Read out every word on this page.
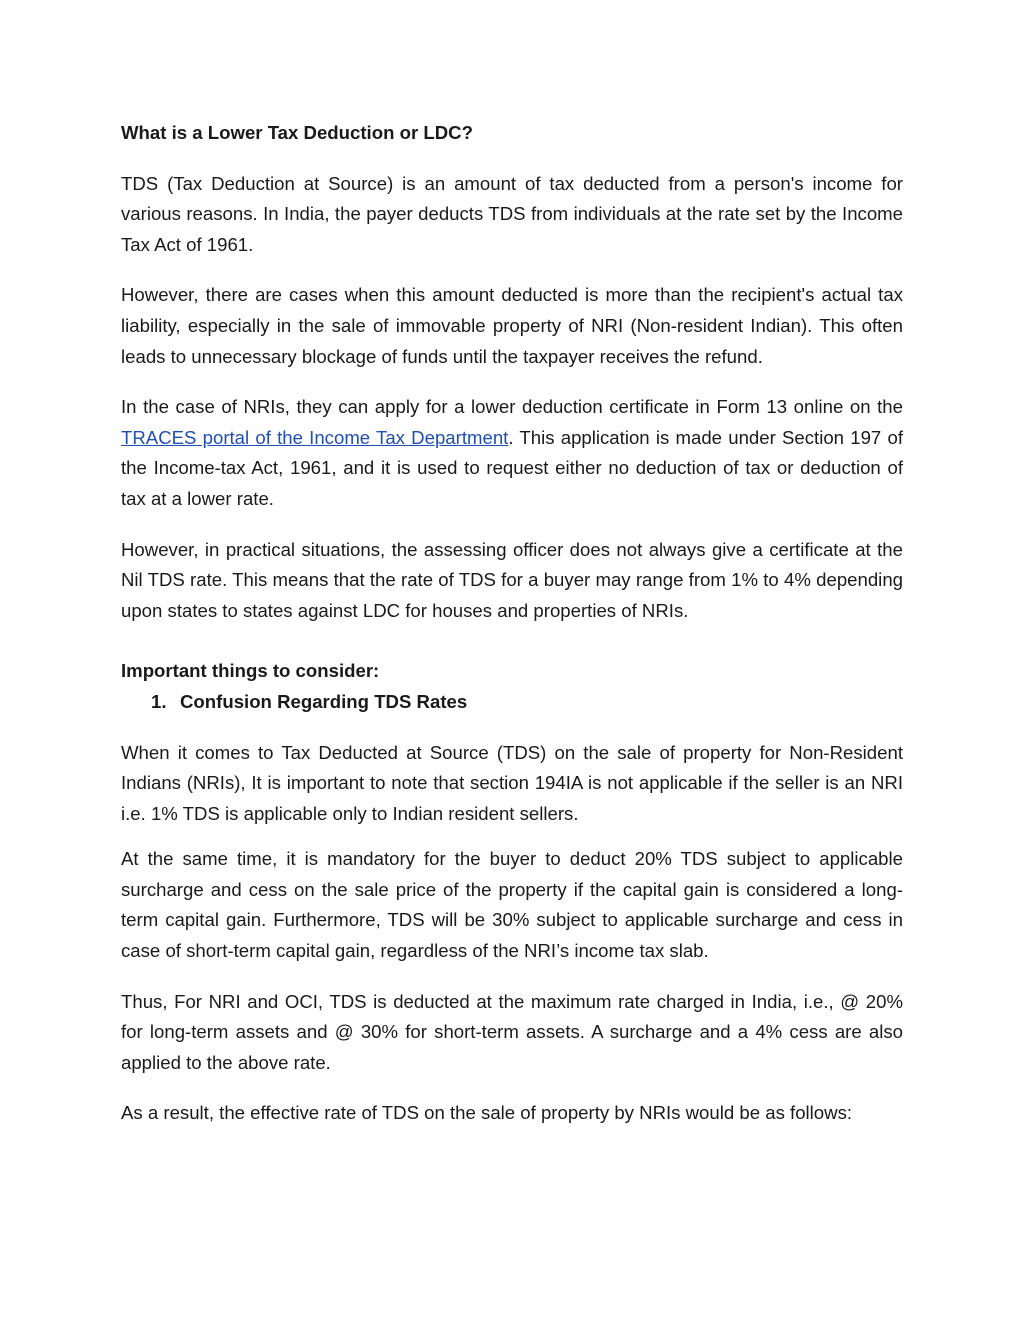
What is a Lower Tax Deduction or LDC?

TDS (Tax Deduction at Source) is an amount of tax deducted from a person's income for various reasons. In India, the payer deducts TDS from individuals at the rate set by the Income Tax Act of 1961.

However, there are cases when this amount deducted is more than the recipient's actual tax liability, especially in the sale of immovable property of NRI (Non-resident Indian). This often leads to unnecessary blockage of funds until the taxpayer receives the refund.

In the case of NRIs, they can apply for a lower deduction certificate in Form 13 online on the TRACES portal of the Income Tax Department. This application is made under Section 197 of the Income-tax Act, 1961, and it is used to request either no deduction of tax or deduction of tax at a lower rate.

However, in practical situations, the assessing officer does not always give a certificate at the Nil TDS rate. This means that the rate of TDS for a buyer may range from 1% to 4% depending upon states to states against LDC for houses and properties of NRIs.

Important things to consider:

1. Confusion Regarding TDS Rates

When it comes to Tax Deducted at Source (TDS) on the sale of property for Non-Resident Indians (NRIs), It is important to note that section 194IA is not applicable if the seller is an NRI i.e. 1% TDS is applicable only to Indian resident sellers.

At the same time, it is mandatory for the buyer to deduct 20% TDS subject to applicable surcharge and cess on the sale price of the property if the capital gain is considered a long-term capital gain. Furthermore, TDS will be 30% subject to applicable surcharge and cess in case of short-term capital gain, regardless of the NRI’s income tax slab.

Thus, For NRI and OCI, TDS is deducted at the maximum rate charged in India, i.e., @ 20% for long-term assets and @ 30% for short-term assets. A surcharge and a 4% cess are also applied to the above rate.

As a result, the effective rate of TDS on the sale of property by NRIs would be as follows:
